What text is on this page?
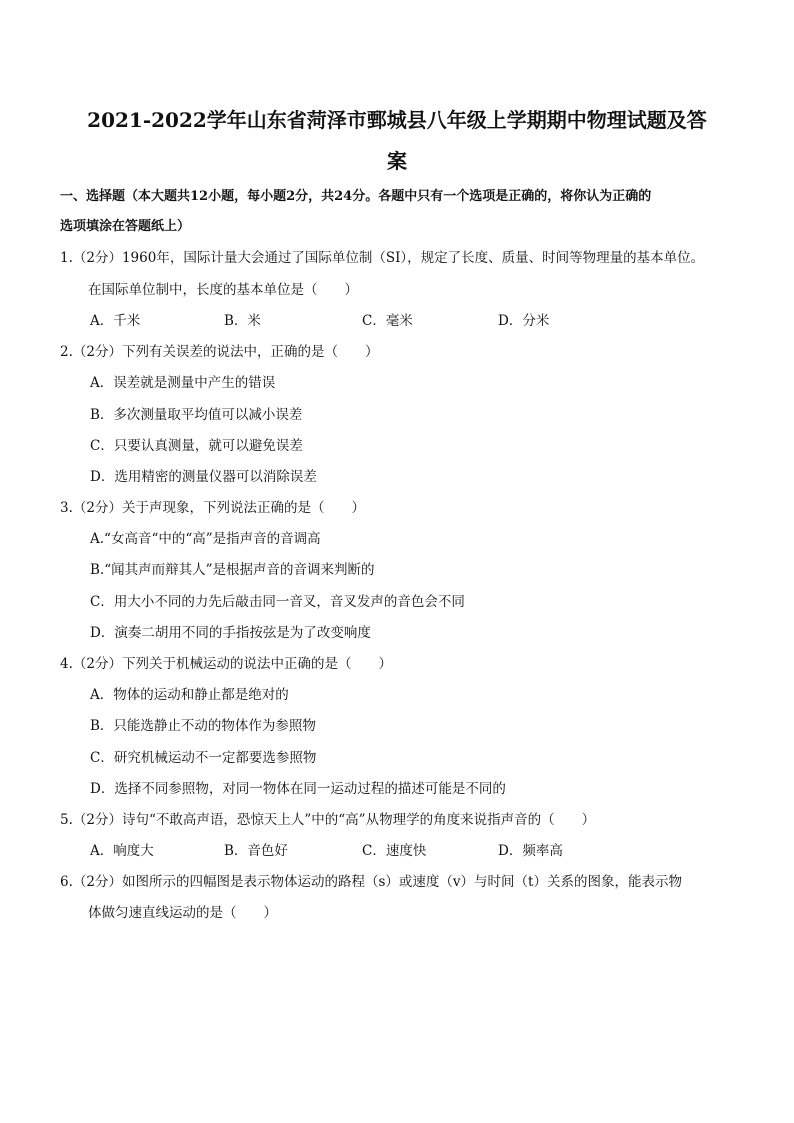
2021-2022学年山东省菏泽市鄄城县八年级上学期期中物理试题及答
案
一、选择题（本大题共12小题，每小题2分，共24分。各题中只有一个选项是正确的，将你认为正确的
选项填涂在答题纸上）
1.（2分）1960年，国际计量大会通过了国际单位制（SI），规定了长度、质量、时间等物理量的基本单位。
在国际单位制中，长度的基本单位是（　　）
A．千米	B．米	C．毫米	D．分米
2.（2分）下列有关误差的说法中，正确的是（　　）
A．误差就是测量中产生的错误
B．多次测量取平均值可以减小误差
C．只要认真测量，就可以避免误差
D．选用精密的测量仪器可以消除误差
3.（2分）关于声现象，下列说法正确的是（　　）
A.“女高音“中的“高”是指声音的音调高
B.“闻其声而辩其人”是根据声音的音调来判断的
C．用大小不同的力先后敲击同一音叉，音叉发声的音色会不同
D．演奏二胡用不同的手指按弦是为了改变响度
4.（2分）下列关于机械运动的说法中正确的是（　　）
A．物体的运动和静止都是绝对的
B．只能选静止不动的物体作为参照物
C．研究机械运动不一定都要选参照物
D．选择不同参照物，对同一物体在同一运动过程的描述可能是不同的
5.（2分）诗句“不敢高声语，恐惊天上人”中的“高”从物理学的角度来说指声音的（　　）
A．响度大	B．音色好	C．速度快	D．频率高
6.（2分）如图所示的四幅图是表示物体运动的路程（s）或速度（v）与时间（t）关系的图象，能表示物
体做匀速直线运动的是（　　）
